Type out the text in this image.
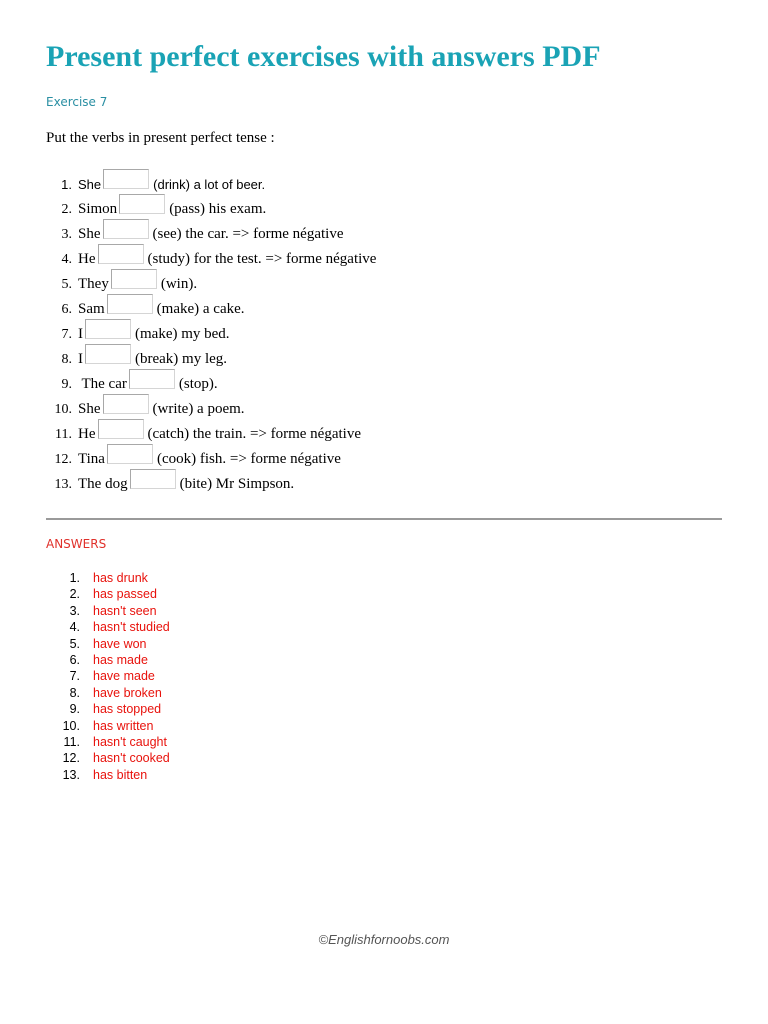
Present perfect exercises with answers PDF
Exercise 7
Put the verbs in present perfect tense :
1. She	(drink) a lot of beer.
2. Simon	(pass) his exam.
3. She	(see) the car. => forme négative
4. He	(study) for the test. => forme négative
5. They	(win).
6. Sam	(make) a cake.
7. I	(make) my bed.
8. I	(break) my leg.
9. The car	(stop).
10. She	(write) a poem.
11. He	(catch) the train. => forme négative
12. Tina	(cook) fish. => forme négative
13. The dog	(bite) Mr Simpson.
ANSWERS
1. has drunk
2. has passed
3. hasn't seen
4. hasn't studied
5. have won
6. has made
7. have made
8. have broken
9. has stopped
10. has written
11. hasn't caught
12. hasn't cooked
13. has bitten
©Englishfornoobs.com
